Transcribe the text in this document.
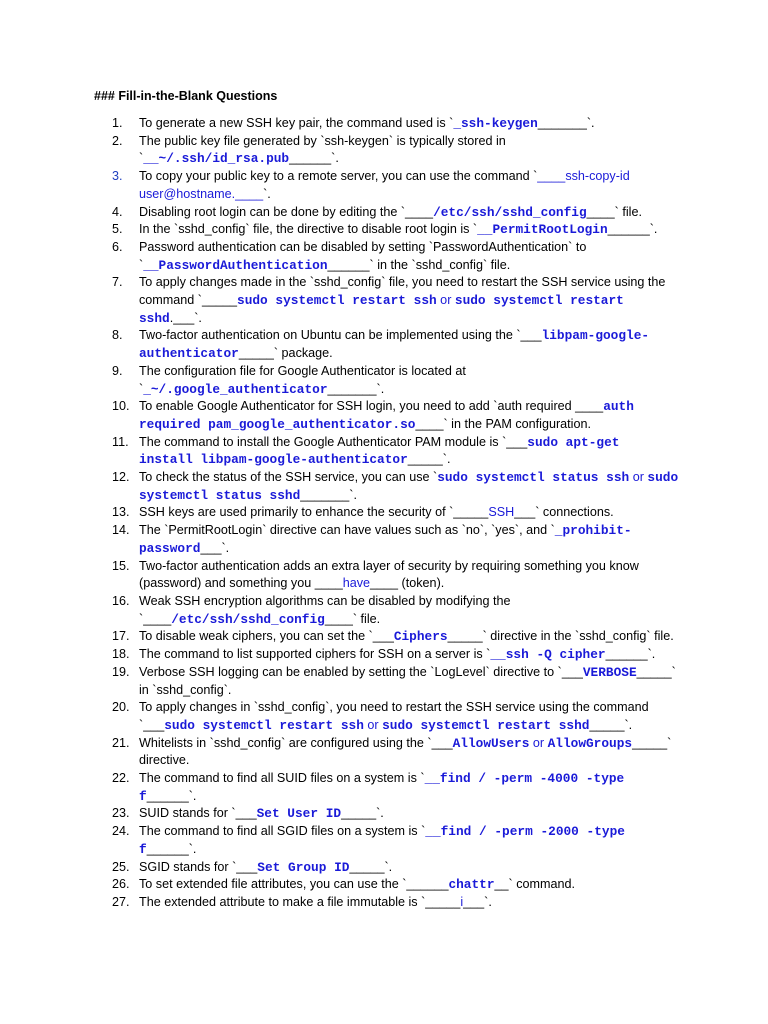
### Fill-in-the-Blank Questions
1.	To generate a new SSH key pair, the command used is `_ssh-keygen_______`.
2.	The public key file generated by `ssh-keygen` is typically stored in `__~/.ssh/id_rsa.pub______`.
3.	To copy your public key to a remote server, you can use the command `____ssh-copy-id user@hostname.____`.
4.	Disabling root login can be done by editing the `____/etc/ssh/sshd_config____` file.
5.	In the `sshd_config` file, the directive to disable root login is `__PermitRootLogin______`.
6.	Password authentication can be disabled by setting `PasswordAuthentication` to `__PasswordAuthentication______` in the `sshd_config` file.
7.	To apply changes made in the `sshd_config` file, you need to restart the SSH service using the command `_____sudo systemctl restart ssh or sudo systemctl restart sshd.___`.
8.	Two-factor authentication on Ubuntu can be implemented using the `___libpam-google-authenticator_____` package.
9.	The configuration file for Google Authenticator is located at `_~/.google_authenticator_______`.
10. To enable Google Authenticator for SSH login, you need to add `auth required ____auth required pam_google_authenticator.so____` in the PAM configuration.
11. The command to install the Google Authenticator PAM module is `___sudo apt-get install libpam-google-authenticator_____`.
12. To check the status of the SSH service, you can use `sudo systemctl status ssh or sudo systemctl status sshd_______`.
13. SSH keys are used primarily to enhance the security of `_____SSH___` connections.
14. The `PermitRootLogin` directive can have values such as `no`, `yes`, and `_prohibit-password___`.
15. Two-factor authentication adds an extra layer of security by requiring something you know (password) and something you ____have____ (token).
16. Weak SSH encryption algorithms can be disabled by modifying the `____/etc/ssh/sshd_config____` file.
17. To disable weak ciphers, you can set the `___Ciphers_____` directive in the `sshd_config` file.
18. The command to list supported ciphers for SSH on a server is `__ssh -Q cipher______`.
19. Verbose SSH logging can be enabled by setting the `LogLevel` directive to `___VERBOSE_____` in `sshd_config`.
20. To apply changes in `sshd_config`, you need to restart the SSH service using the command `___sudo systemctl restart ssh or sudo systemctl restart sshd_____`.
21. Whitelists in `sshd_config` are configured using the `___AllowUsers or AllowGroups_____` directive.
22. The command to find all SUID files on a system is `__find / -perm -4000 -type f______`.
23. SUID stands for `___Set User ID_____`.
24. The command to find all SGID files on a system is `__find / -perm -2000 -type f______`.
25. SGID stands for `___Set Group ID_____`.
26. To set extended file attributes, you can use the `______chattr__` command.
27. The extended attribute to make a file immutable is `_____i___`.
